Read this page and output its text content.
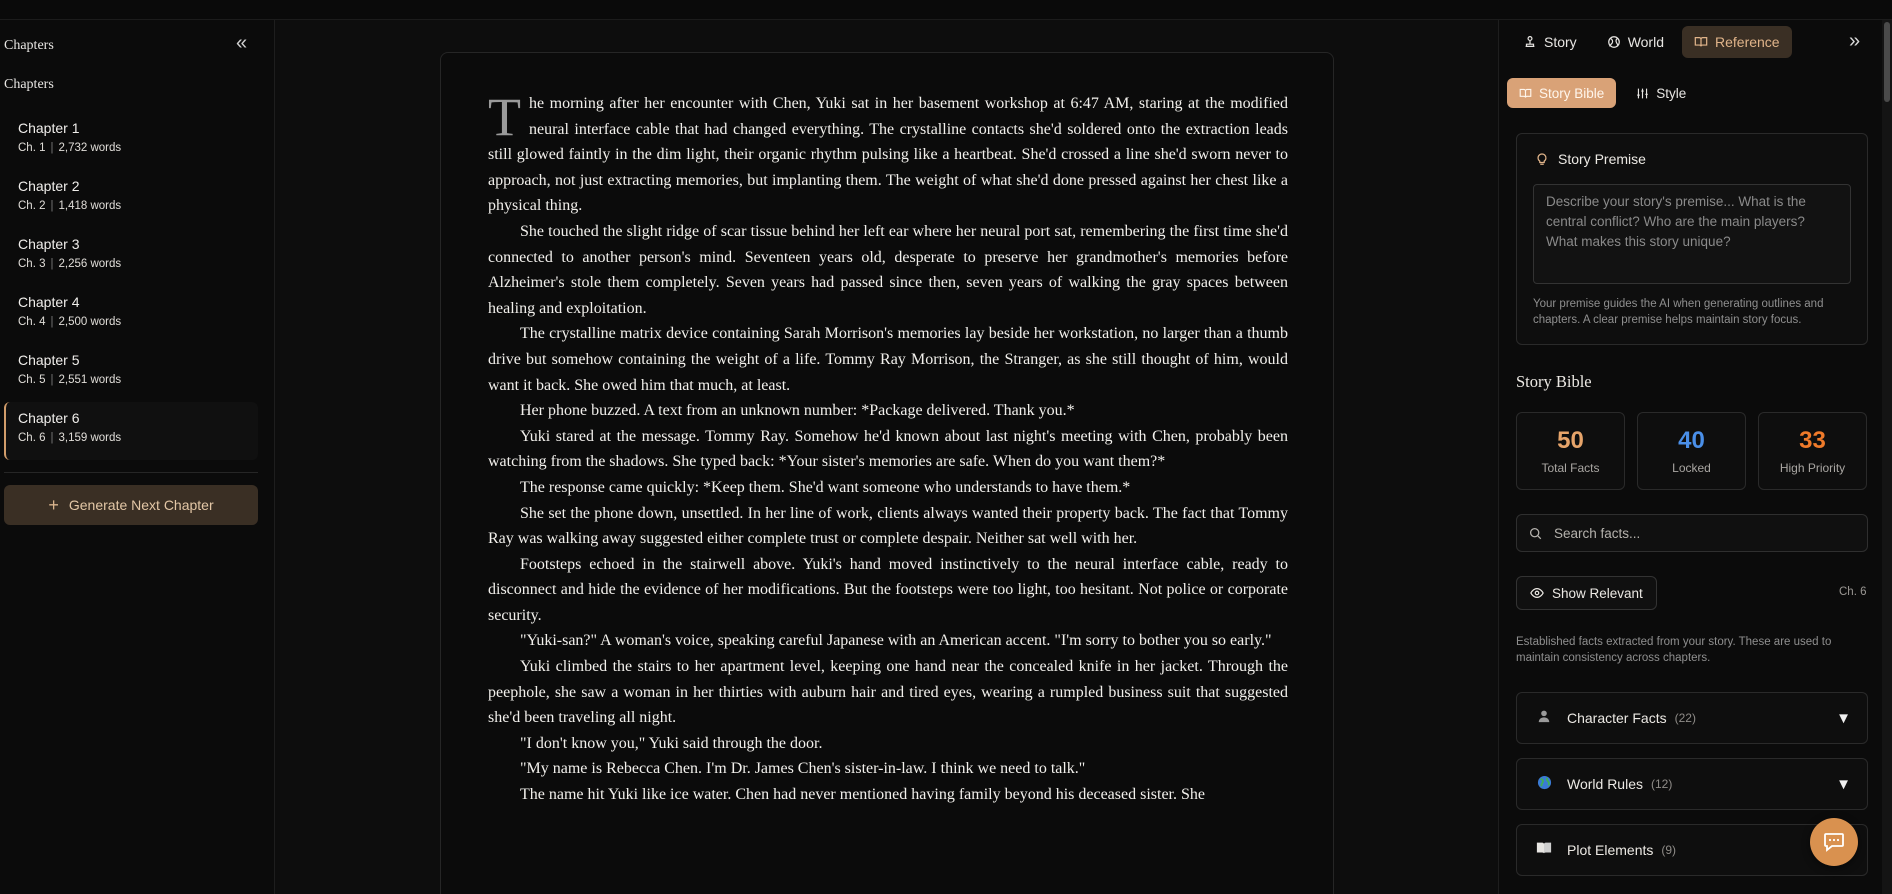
Chapters	«
Chapters
Chapter 1
Ch. 1 | 2,732 words
Chapter 2
Ch. 2 | 1,418 words
Chapter 3
Ch. 3 | 2,256 words
Chapter 4
Ch. 4 | 2,500 words
Chapter 5
Ch. 5 | 2,551 words
Chapter 6
Ch. 6 | 3,159 words
+ Generate Next Chapter

The morning after her encounter with Chen, Yuki sat in her basement workshop at 6:47 AM, staring at the modified neural interface cable that had changed everything. The crystalline contacts she'd soldered onto the extraction leads still glowed faintly in the dim light, their organic rhythm pulsing like a heartbeat. She'd crossed a line she'd sworn never to approach, not just extracting memories, but implanting them. The weight of what she'd done pressed against her chest like a physical thing.

She touched the slight ridge of scar tissue behind her left ear where her neural port sat, remembering the first time she'd connected to another person's mind. Seventeen years old, desperate to preserve her grandmother's memories before Alzheimer's stole them completely. Seven years had passed since then, seven years of walking the gray spaces between healing and exploitation.

The crystalline matrix device containing Sarah Morrison's memories lay beside her workstation, no larger than a thumb drive but somehow containing the weight of a life. Tommy Ray Morrison, the Stranger, as she still thought of him, would want it back. She owed him that much, at least.

Her phone buzzed. A text from an unknown number: *Package delivered. Thank you.*

Yuki stared at the message. Tommy Ray. Somehow he'd known about last night's meeting with Chen, probably been watching from the shadows. She typed back: *Your sister's memories are safe. When do you want them?*

The response came quickly: *Keep them. She'd want someone who understands to have them.*

She set the phone down, unsettled. In her line of work, clients always wanted their property back. The fact that Tommy Ray was walking away suggested either complete trust or complete despair. Neither sat well with her.

Footsteps echoed in the stairwell above. Yuki's hand moved instinctively to the neural interface cable, ready to disconnect and hide the evidence of her modifications. But the footsteps were too light, too hesitant. Not police or corporate security.

"Yuki-san?" A woman's voice, speaking careful Japanese with an American accent. "I'm sorry to bother you so early."

Yuki climbed the stairs to her apartment level, keeping one hand near the concealed knife in her jacket. Through the peephole, she saw a woman in her thirties with auburn hair and tired eyes, wearing a rumpled business suit that suggested she'd been traveling all night.

"I don't know you," Yuki said through the door.

"My name is Rebecca Chen. I'm Dr. James Chen's sister-in-law. I think we need to talk."

The name hit Yuki like ice water. Chen had never mentioned having family beyond his deceased sister. She

Story	World	Reference	»
Story Bible	Style
Story Premise
Describe your story's premise... What is the central conflict? Who are the main players? What makes this story unique?
Your premise guides the AI when generating outlines and chapters. A clear premise helps maintain story focus.
Story Bible
50
Total Facts
40
Locked
33
High Priority
Search facts...
Show Relevant	Ch. 6
Established facts extracted from your story. These are used to maintain consistency across chapters.
Character Facts (22)	▼
World Rules (12)	▼
Plot Elements (9)
